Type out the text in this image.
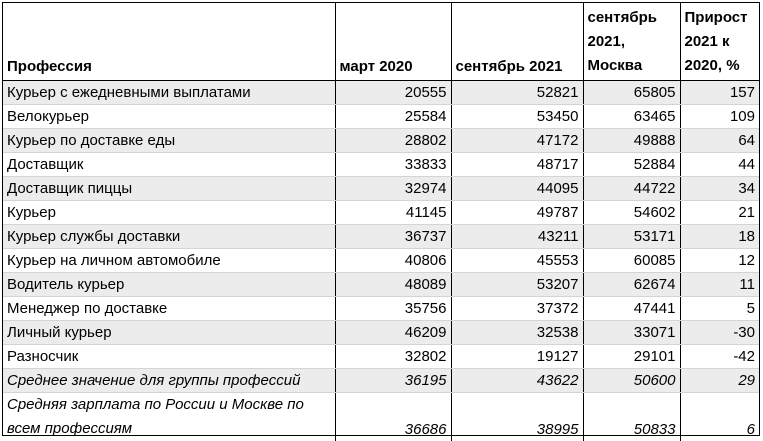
Профессия	март 2020	сентябрь 2021	сентябрь 2021, Москва	Прирост 2021 к 2020, %
Курьер с ежедневными выплатами	20555	52821	65805	157
Велокурьер	25584	53450	63465	109
Курьер по доставке еды	28802	47172	49888	64
Доставщик	33833	48717	52884	44
Доставщик пиццы	32974	44095	44722	34
Курьер	41145	49787	54602	21
Курьер службы доставки	36737	43211	53171	18
Курьер на личном автомобиле	40806	45553	60085	12
Водитель курьер	48089	53207	62674	11
Менеджер по доставке	35756	37372	47441	5
Личный курьер	46209	32538	33071	-30
Разносчик	32802	19127	29101	-42
Среднее значение для группы профессий	36195	43622	50600	29
Средняя зарплата по России и Москве по всем профессиям	36686	38995	50833	6
